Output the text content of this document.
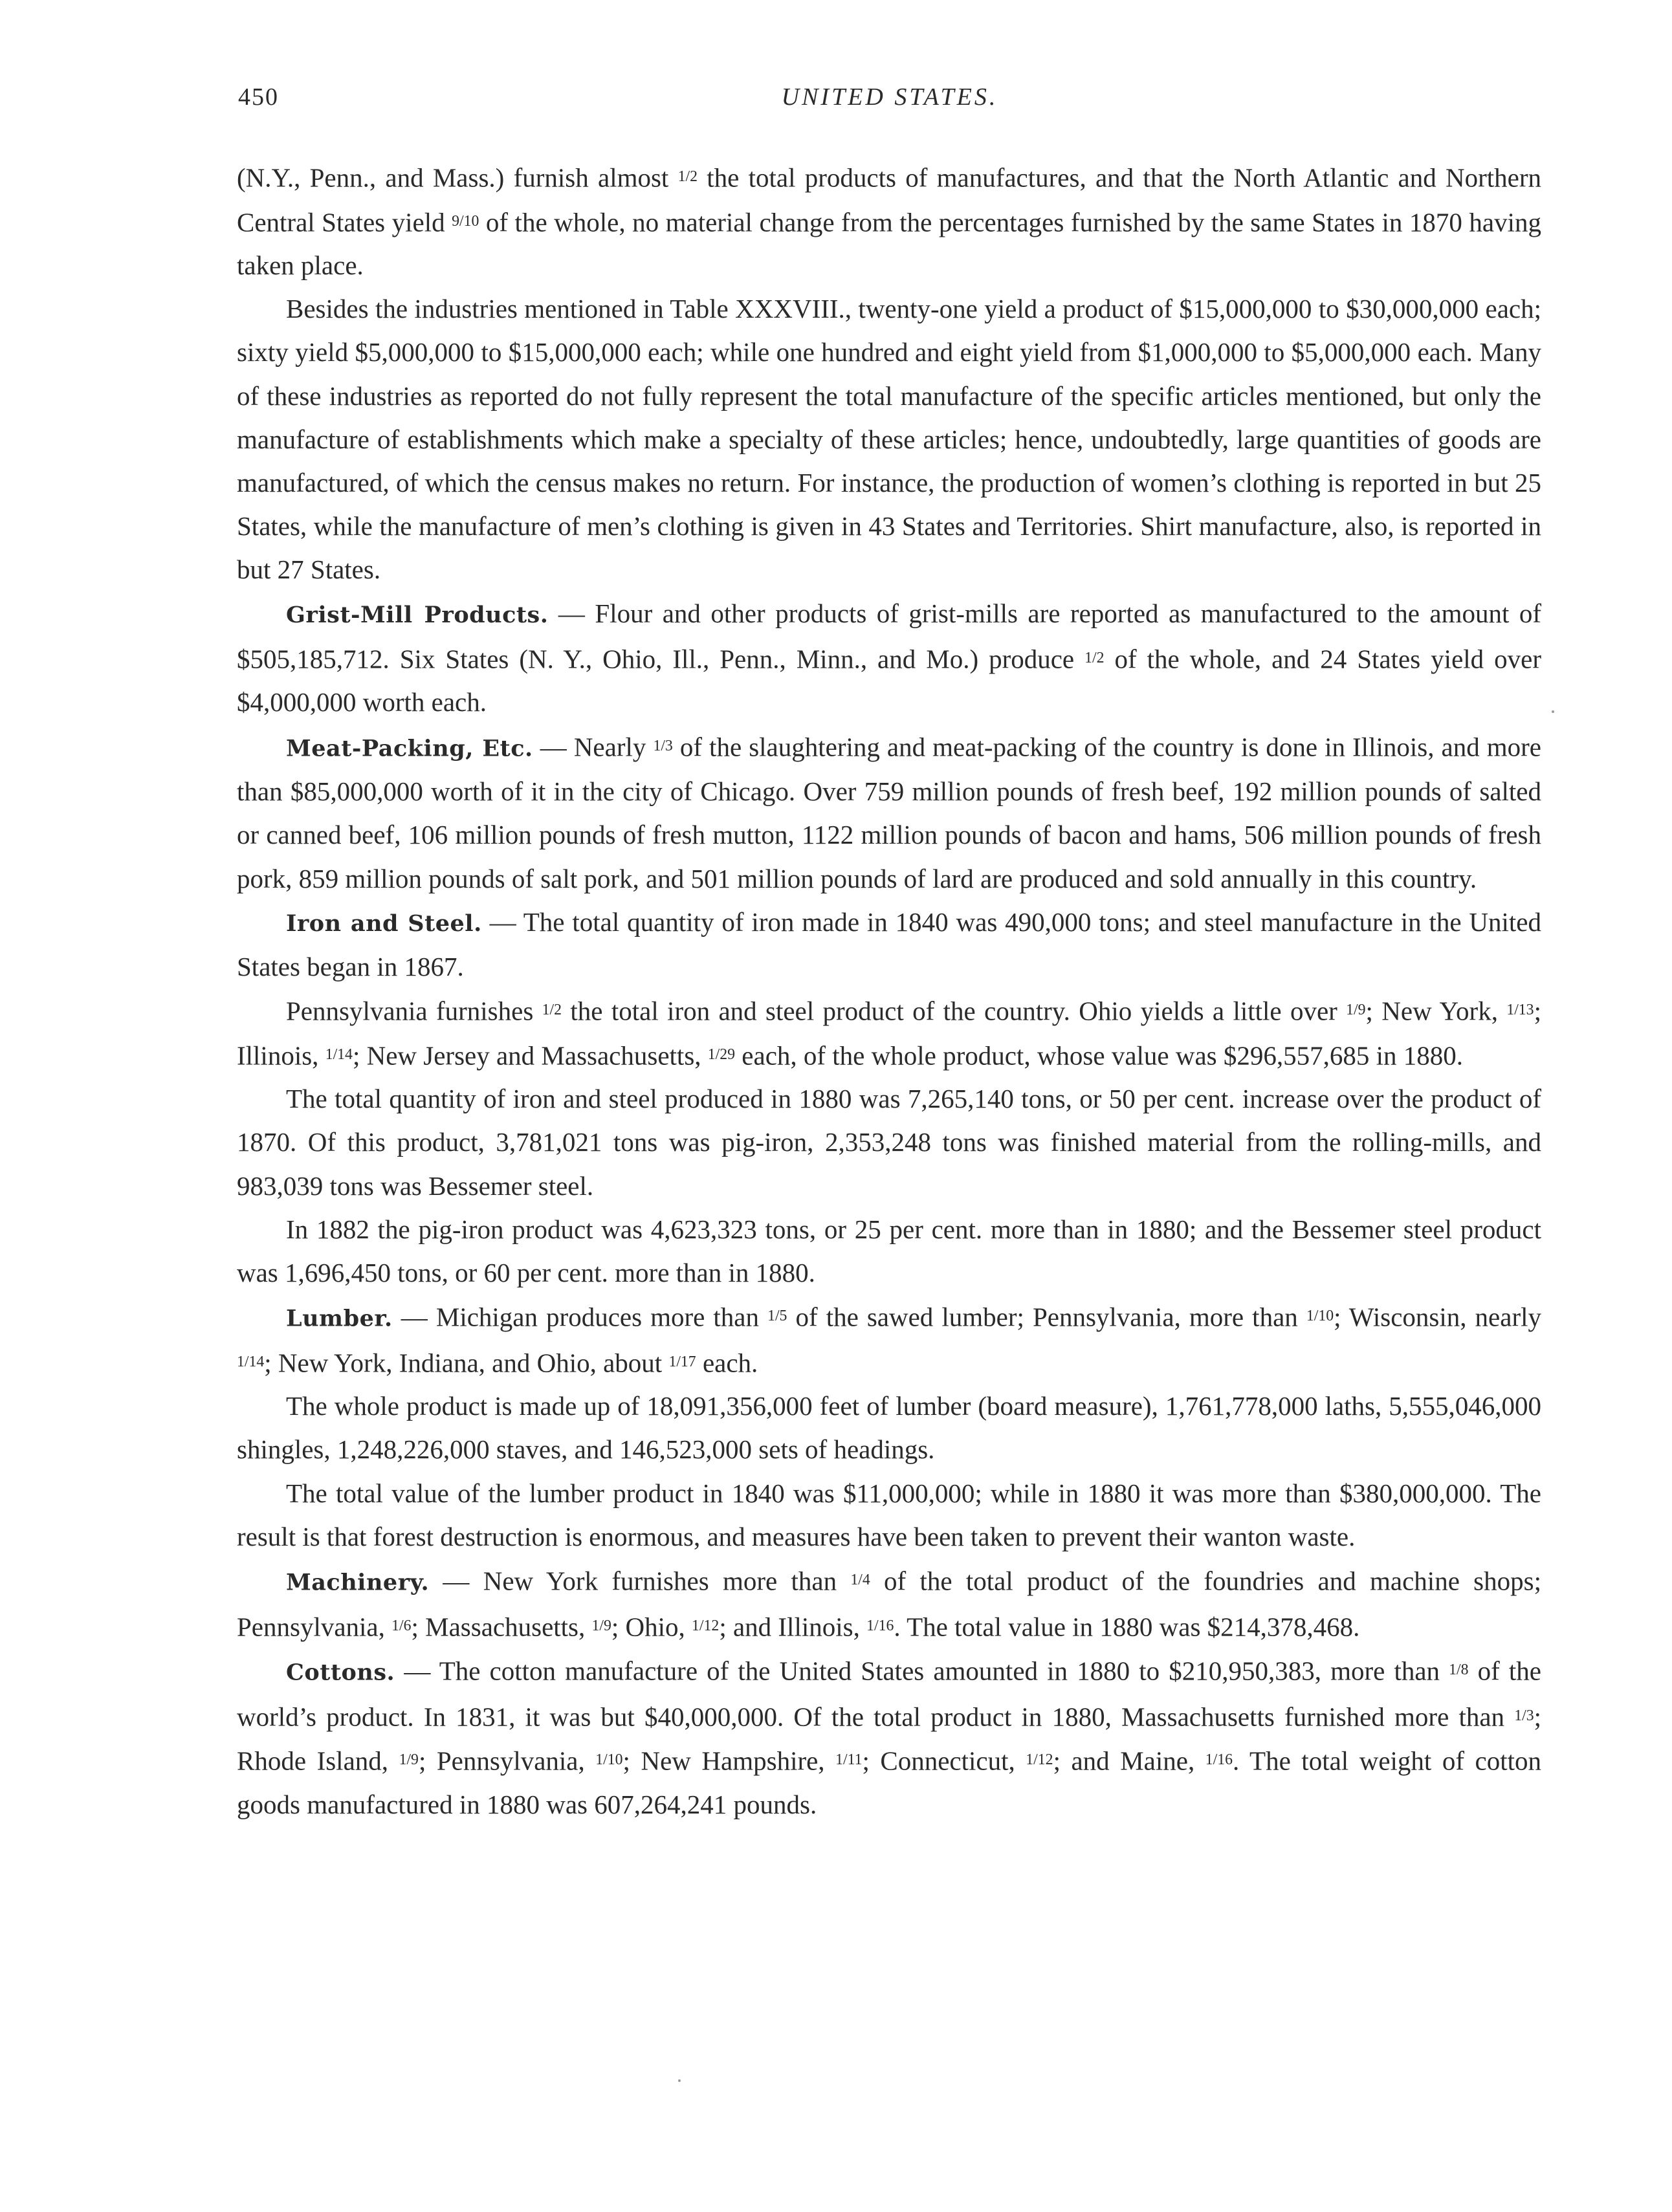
450	UNITED STATES.

(N.Y., Penn., and Mass.) furnish almost $^{1/2}$ the total products of manufactures, and that the North Atlantic and Northern Central States yield $^{9/10}$ of the whole, no material change from the percentages furnished by the same States in 1870 having taken place.

Besides the industries mentioned in Table XXXVIII., twenty-one yield a product of $15,000,000 to $30,000,000 each; sixty yield $5,000,000 to $15,000,000 each; while one hundred and eight yield from $1,000,000 to $5,000,000 each. Many of these industries as reported do not fully represent the total manufacture of the specific articles mentioned, but only the manufacture of establishments which make a specialty of these articles; hence, undoubtedly, large quantities of goods are manufactured, of which the census makes no return. For instance, the production of women’s clothing is reported in but 25 States, while the manufacture of men’s clothing is given in 43 States and Territories. Shirt manufacture, also, is reported in but 27 States.

Grist-Mill Products. — Flour and other products of grist-mills are reported as manufactured to the amount of $505,185,712. Six States (N. Y., Ohio, Ill., Penn., Minn., and Mo.) produce $^{1/2}$ of the whole, and 24 States yield over $4,000,000 worth each.

Meat-Packing, Etc. — Nearly $^{1/3}$ of the slaughtering and meat-packing of the country is done in Illinois, and more than $85,000,000 worth of it in the city of Chicago. Over 759 million pounds of fresh beef, 192 million pounds of salted or canned beef, 106 million pounds of fresh mutton, 1122 million pounds of bacon and hams, 506 million pounds of fresh pork, 859 million pounds of salt pork, and 501 million pounds of lard are produced and sold annually in this country.

Iron and Steel. — The total quantity of iron made in 1840 was 490,000 tons; and steel manufacture in the United States began in 1867.

Pennsylvania furnishes $^{1/2}$ the total iron and steel product of the country. Ohio yields a little over $^{1/9}$; New York, $^{1/13}$; Illinois, $^{1/14}$; New Jersey and Massachusetts, $^{1/29}$ each, of the whole product, whose value was $296,557,685 in 1880.

The total quantity of iron and steel produced in 1880 was 7,265,140 tons, or 50 per cent. increase over the product of 1870. Of this product, 3,781,021 tons was pig-iron, 2,353,248 tons was finished material from the rolling-mills, and 983,039 tons was Bessemer steel.

In 1882 the pig-iron product was 4,623,323 tons, or 25 per cent. more than in 1880; and the Bessemer steel product was 1,696,450 tons, or 60 per cent. more than in 1880.

Lumber. — Michigan produces more than $^{1/5}$ of the sawed lumber; Pennsylvania, more than $^{1/10}$; Wisconsin, nearly $^{1/14}$; New York, Indiana, and Ohio, about $^{1/17}$ each.

The whole product is made up of 18,091,356,000 feet of lumber (board measure), 1,761,778,000 laths, 5,555,046,000 shingles, 1,248,226,000 staves, and 146,523,000 sets of headings.

The total value of the lumber product in 1840 was $11,000,000; while in 1880 it was more than $380,000,000. The result is that forest destruction is enormous, and measures have been taken to prevent their wanton waste.

Machinery. — New York furnishes more than $^{1/4}$ of the total product of the foundries and machine shops; Pennsylvania, $^{1/6}$; Massachusetts, $^{1/9}$; Ohio, $^{1/12}$; and Illinois, $^{1/16}$. The total value in 1880 was $214,378,468.

Cottons. — The cotton manufacture of the United States amounted in 1880 to $210,950,383, more than $^{1/8}$ of the world’s product. In 1831, it was but $40,000,000. Of the total product in 1880, Massachusetts furnished more than $^{1/3}$; Rhode Island, $^{1/9}$; Pennsylvania, $^{1/10}$; New Hampshire, $^{1/11}$; Connecticut, $^{1/12}$; and Maine, $^{1/16}$. The total weight of cotton goods manufactured in 1880 was 607,264,241 pounds.
